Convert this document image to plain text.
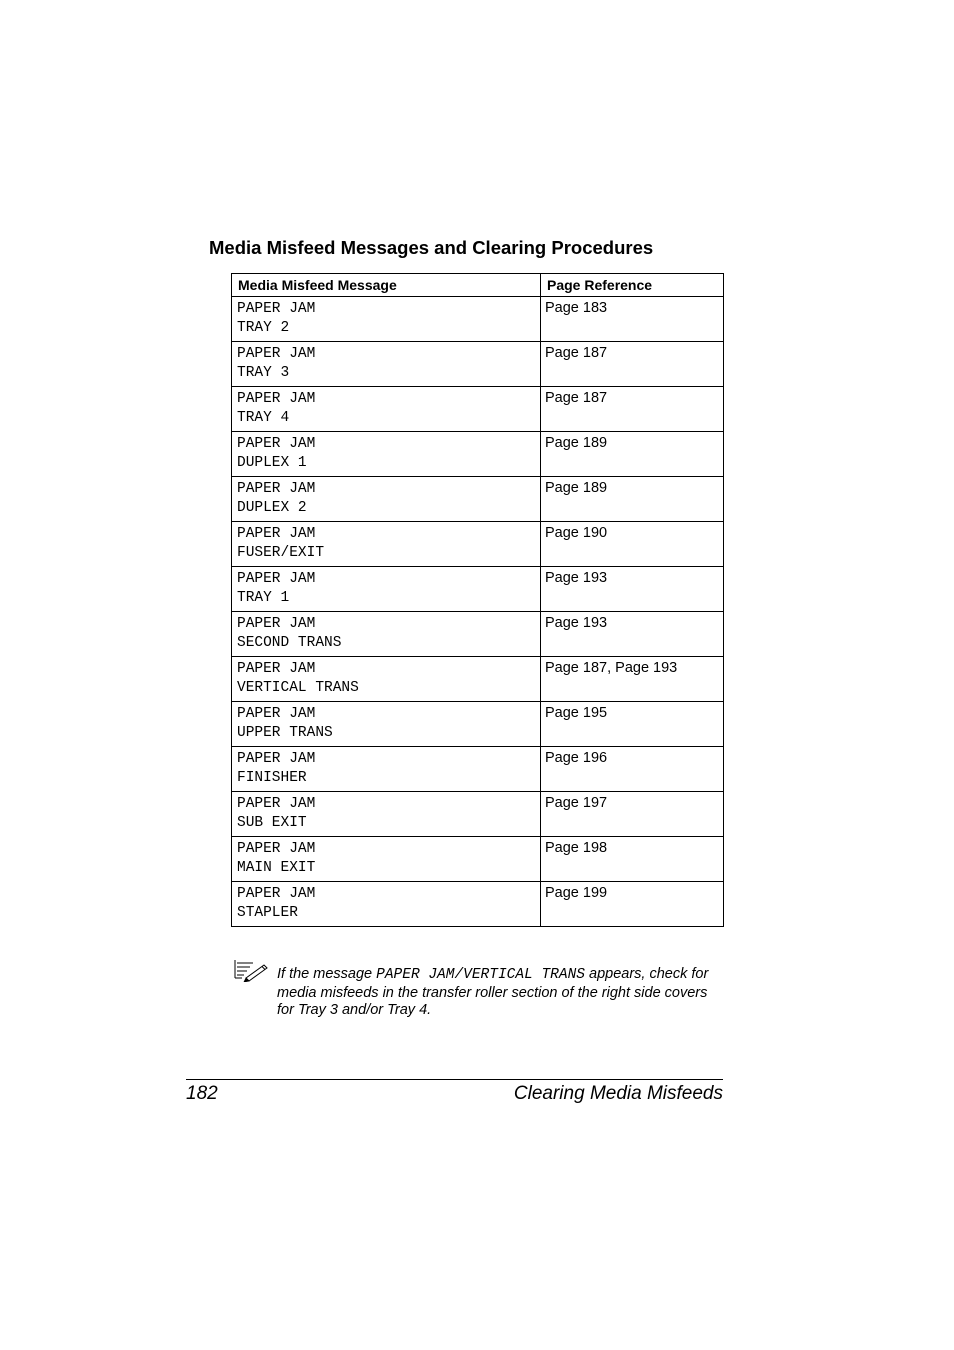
Media Misfeed Messages and Clearing Procedures
Media Misfeed Message	Page Reference

PAPER JAM
TRAY 2	Page 183

PAPER JAM
TRAY 3	Page 187

PAPER JAM
TRAY 4	Page 187

PAPER JAM
DUPLEX 1	Page 189

PAPER JAM
DUPLEX 2	Page 189

PAPER JAM
FUSER/EXIT	Page 190

PAPER JAM
TRAY 1	Page 193

PAPER JAM
SECOND TRANS	Page 193

PAPER JAM
VERTICAL TRANS	Page 187, Page 193

PAPER JAM
UPPER TRANS	Page 195

PAPER JAM
FINISHER	Page 196

PAPER JAM
SUB EXIT	Page 197

PAPER JAM
MAIN EXIT	Page 198

PAPER JAM
STAPLER	Page 199

If the message PAPER JAM/VERTICAL TRANS appears, check for media misfeeds in the transfer roller section of the right side covers for Tray 3 and/or Tray 4.

182	Clearing Media Misfeeds
